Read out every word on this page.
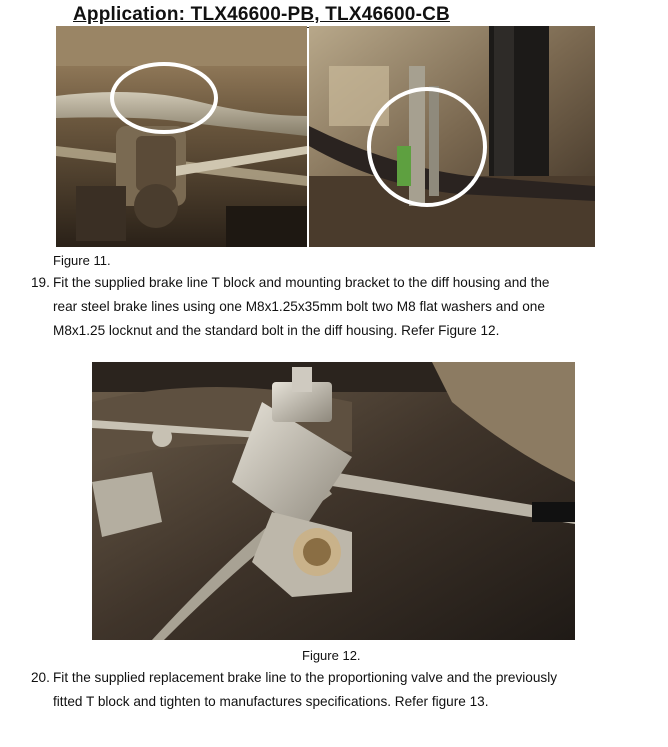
Application: TLX46600-PB, TLX46600-CB
Figure 11.
19. Fit the supplied brake line T block and mounting bracket to the diff housing and the
rear steel brake lines using one M8x1.25x35mm bolt two M8 flat washers and one
M8x1.25 locknut and the standard bolt in the diff housing. Refer Figure 12.
Figure 12.
20. Fit the supplied replacement brake line to the proportioning valve and the previously
fitted T block and tighten to manufactures specifications. Refer figure 13.
